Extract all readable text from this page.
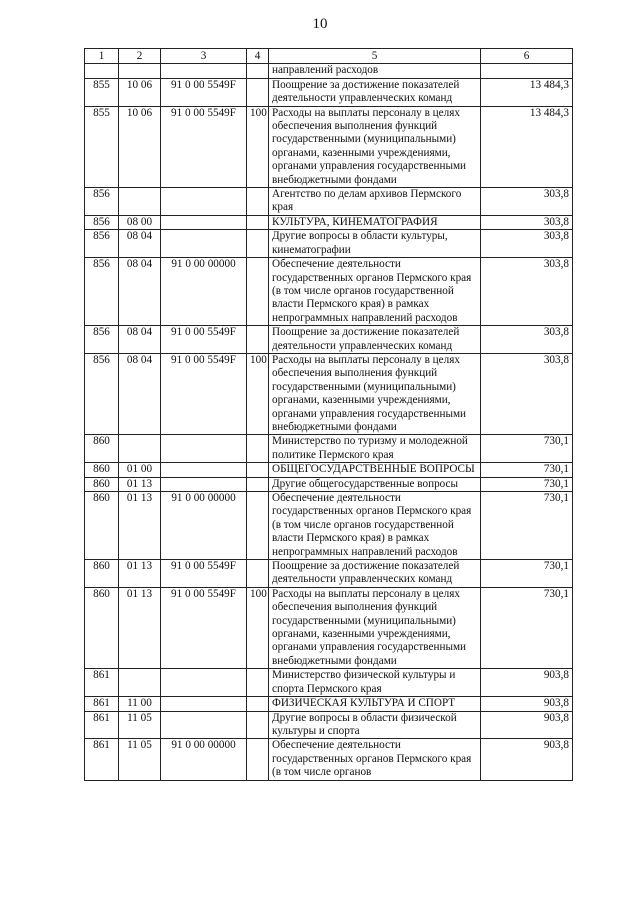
10
1	2	3	4	5	6
				направлений расходов	
855	10 06	91 0 00 5549F		Поощрение за достижение показателей деятельности управленческих команд	13 484,3
855	10 06	91 0 00 5549F	100	Расходы на выплаты персоналу в целях обеспечения выполнения функций государственными (муниципальными) органами, казенными учреждениями, органами управления государственными внебюджетными фондами	13 484,3
856				Агентство по делам архивов Пермского края	303,8
856	08 00			КУЛЬТУРА, КИНЕМАТОГРАФИЯ	303,8
856	08 04			Другие вопросы в области культуры, кинематографии	303,8
856	08 04	91 0 00 00000		Обеспечение деятельности государственных органов Пермского края (в том числе органов государственной власти Пермского края) в рамках непрограммных направлений расходов	303,8
856	08 04	91 0 00 5549F		Поощрение за достижение показателей деятельности управленческих команд	303,8
856	08 04	91 0 00 5549F	100	Расходы на выплаты персоналу в целях обеспечения выполнения функций государственными (муниципальными) органами, казенными учреждениями, органами управления государственными внебюджетными фондами	303,8
860				Министерство по туризму и молодежной политике Пермского края	730,1
860	01 00			ОБЩЕГОСУДАРСТВЕННЫЕ ВОПРОСЫ	730,1
860	01 13			Другие общегосударственные вопросы	730,1
860	01 13	91 0 00 00000		Обеспечение деятельности государственных органов Пермского края (в том числе органов государственной власти Пермского края) в рамках непрограммных направлений расходов	730,1
860	01 13	91 0 00 5549F		Поощрение за достижение показателей деятельности управленческих команд	730,1
860	01 13	91 0 00 5549F	100	Расходы на выплаты персоналу в целях обеспечения выполнения функций государственными (муниципальными) органами, казенными учреждениями, органами управления государственными внебюджетными фондами	730,1
861				Министерство физической культуры и спорта Пермского края	903,8
861	11 00			ФИЗИЧЕСКАЯ КУЛЬТУРА И СПОРТ	903,8
861	11 05			Другие вопросы в области физической культуры и спорта	903,8
861	11 05	91 0 00 00000		Обеспечение деятельности государственных органов Пермского края (в том числе органов	903,8
